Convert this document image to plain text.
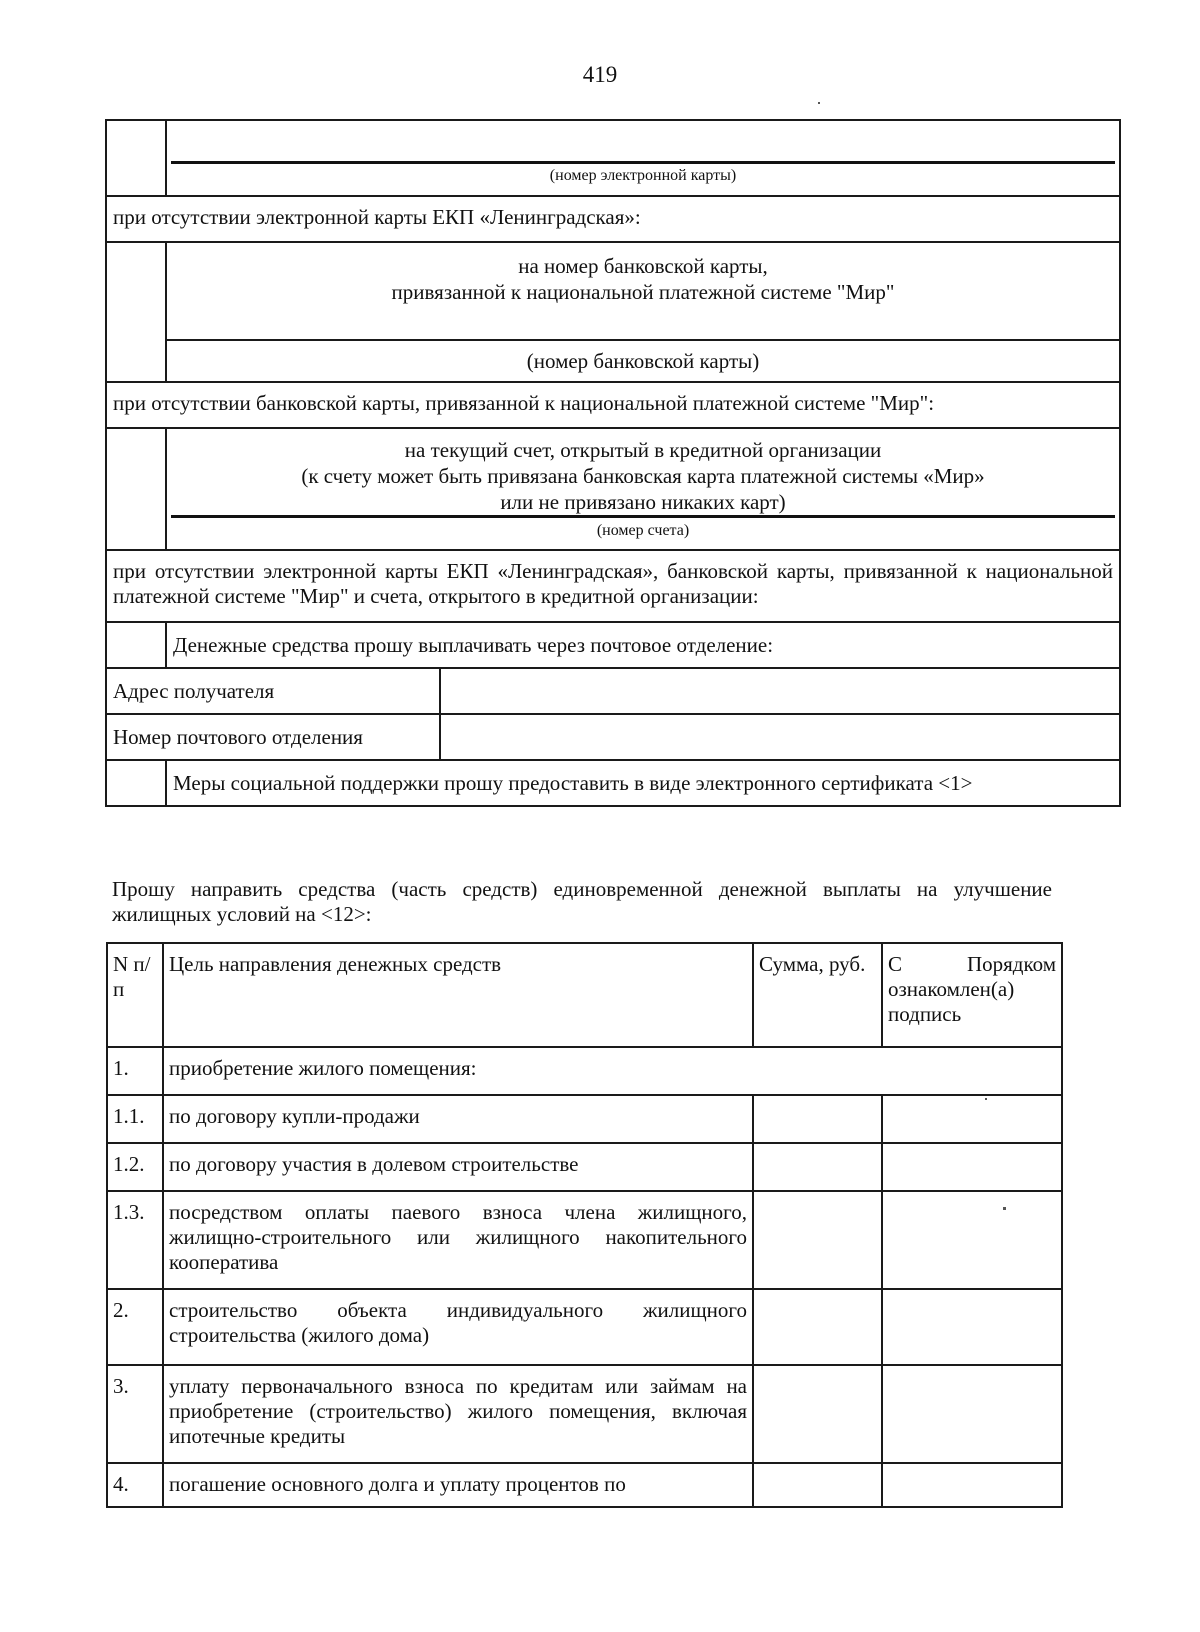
419

	(номер электронной карты)	

при отсутствии электронной карты ЕКП «Ленинградская»:		

	на номер банковской карты,
привязанной к национальной платежной системе "Мир"	

	(номер банковской карты)	
при отсутствии банковской карты, привязанной к национальной платежной системе "Мир":		

	на текущий счет, открытый в кредитной организации
(к счету может быть привязана банковская карта платежной системы «Мир»
или не привязано никаких карт)
(номер счета)	

при отсутствии электронной карты ЕКП «Ленинградская», банковской карты, привязанной к национальной платежной системе "Мир" и счета, открытого в кредитной организации:		
	Денежные средства прошу выплачивать через почтовое отделение:	
Адрес получателя		
Номер почтового отделения		
	Меры социальной поддержки прошу предоставить в виде электронного сертификата <1>	
Прошу направить средства (часть средств) единовременной денежной выплаты на улучшение жилищных условий на <12>:
N п/п	Цель направления денежных средств	Сумма, руб.	С Порядком ознакомлен(а) подпись
1.	приобретение жилого помещения:		
1.1.	по договору купли-продажи		
1.2.	по договору участия в долевом строительстве		
1.3.	посредством оплаты паевого взноса члена жилищного, жилищно-строительного или жилищного накопительного кооператива		
2.	строительство объекта индивидуального жилищного строительства (жилого дома)		
3.	уплату первоначального взноса по кредитам или займам на приобретение (строительство) жилого помещения, включая ипотечные кредиты		
4.	погашение основного долга и уплату процентов по		
